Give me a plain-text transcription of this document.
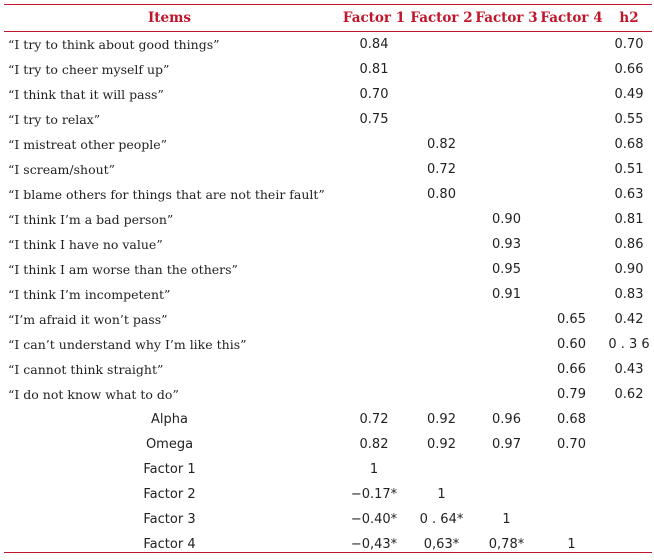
Items	Factor 1	Factor 2	Factor 3	Factor 4	h2
“I try to think about good things”	0.84				0.70
“I try to cheer myself up”	0.81				0.66
“I think that it will pass”	0.70				0.49
“I try to relax”	0.75				0.55
“I mistreat other people”		0.82			0.68
“I scream/shout”		0.72			0.51
“I blame others for things that are not their fault”		0.80			0.63
“I think I’m a bad person”			0.90		0.81
“I think I have no value”			0.93		0.86
“I think I am worse than the others”			0.95		0.90
“I think I’m incompetent”			0.91		0.83
“I’m afraid it won’t pass”				0.65	0.42
“I can’t understand why I’m like this”				0.60	0 . 3 6
“I cannot think straight”				0.66	0.43
“I do not know what to do”				0.79	0.62
Alpha	0.72	0.92	0.96	0.68	
Omega	0.82	0.92	0.97	0.70	
Factor 1	1				
Factor 2	−0.17*	1			
Factor 3	−0.40*	0 . 64*	1		
Factor 4	−0,43*	0,63*	0,78*	1	
